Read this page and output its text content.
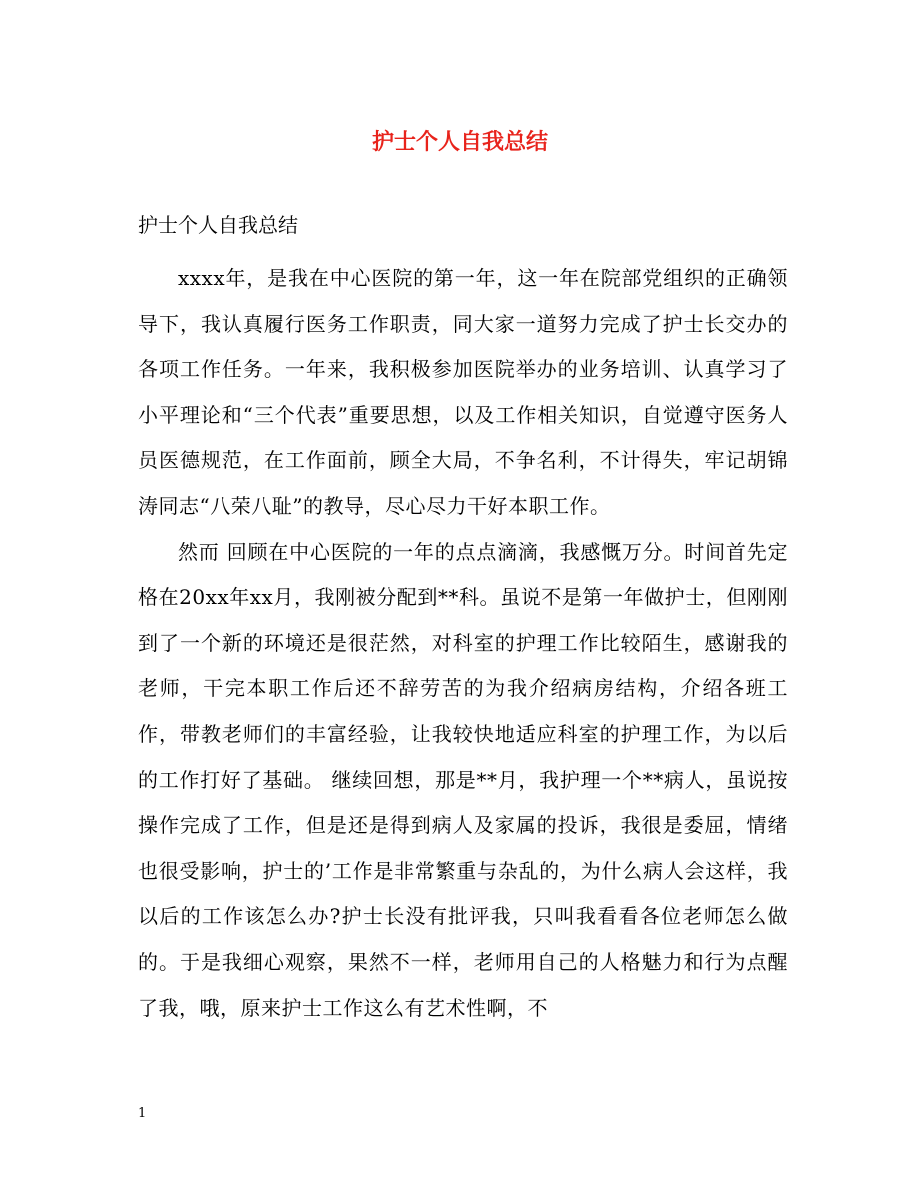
护士个人自我总结
护士个人自我总结

xxxx年，是我在中心医院的第一年，这一年在院部党组织的正确领导下，我认真履行医务工作职责，同大家一道努力完成了护士长交办的各项工作任务。一年来，我积极参加医院举办的业务培训、认真学习了小平理论和“三个代表”重要思想，以及工作相关知识，自觉遵守医务人员医德规范，在工作面前，顾全大局，不争名利，不计得失，牢记胡锦涛同志“八荣八耻”的教导，尽心尽力干好本职工作。

然而 回顾在中心医院的一年的点点滴滴，我感慨万分。时间首先定格在20xx年xx月，我刚被分配到**科。虽说不是第一年做护士，但刚刚到了一个新的环境还是很茫然，对科室的护理工作比较陌生，感谢我的老师，干完本职工作后还不辞劳苦的为我介绍病房结构，介绍各班工作，带教老师们的丰富经验，让我较快地适应科室的护理工作，为以后的工作打好了基础。 继续回想，那是**月，我护理一个**病人，虽说按操作完成了工作，但是还是得到病人及家属的投诉，我很是委屈，情绪也很受影响，护士的’工作是非常繁重与杂乱的，为什么病人会这样，我以后的工作该怎么办?护士长没有批评我，只叫我看看各位老师怎么做的。于是我细心观察，果然不一样，老师用自己的人格魅力和行为点醒了我，哦，原来护士工作这么有艺术性啊，不

1
